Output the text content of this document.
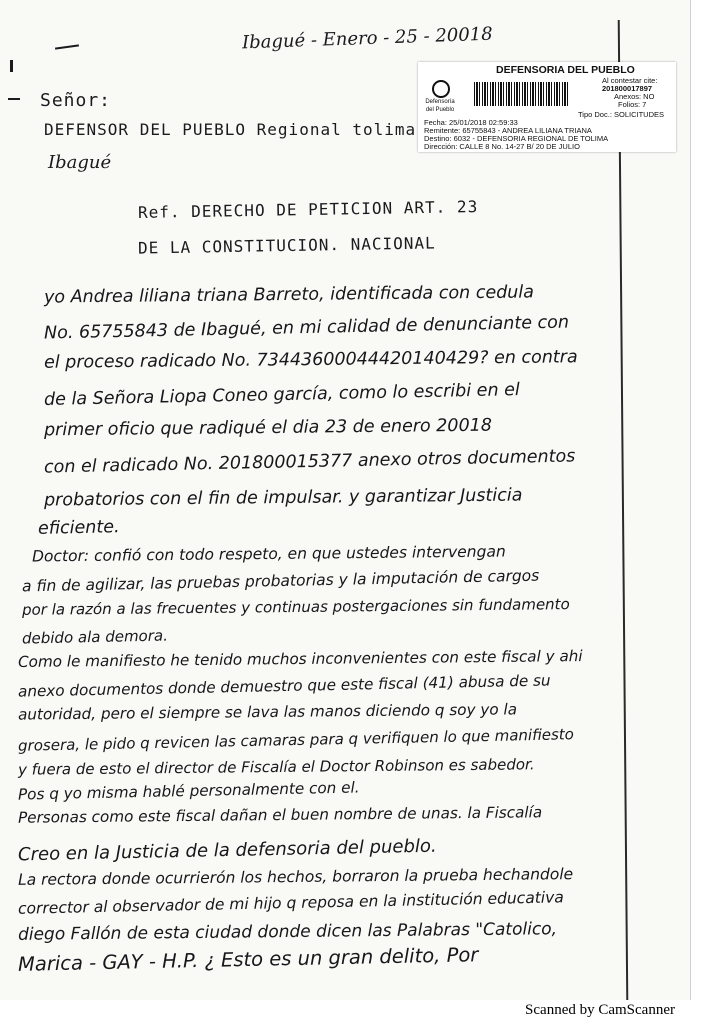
Ibagué - Enero - 25 - 20018
Señor:
DEFENSOR DEL PUEBLO Regional tolima
Ibagué
Defensoría del Pueblo
DEFENSORIA DEL PUEBLO
Al contestar cite:
201800017897
Anexos: NO
Folios: 7
Tipo Doc.: SOLICITUDES
Fecha: 25/01/2018 02:59:33
Remitente: 65755843 - ANDREA LILIANA TRIANA
Destino: 6032 - DEFENSORIA REGIONAL DE TOLIMA
Dirección: CALLE 8 No. 14-27 B/ 20 DE JULIO
Ref. DERECHO DE PETICION ART. 23
DE LA CONSTITUCION. NACIONAL
yo Andrea liliana triana Barreto, identificada con cedula
No. 65755843 de Ibagué, en mi calidad de denunciante con
el proceso radicado No. 73443600044420140429? en contra
de la Señora Liopa Coneo garcía, como lo escribi en el
primer oficio que radiqué el dia 23 de enero 20018
con el radicado No. 201800015377 anexo otros documentos
probatorios con el fin de impulsar. y garantizar Justicia
eficiente.
Doctor: confió con todo respeto, en que ustedes intervengan
a fin de agilizar, las pruebas probatorias y la imputación de cargos
por la razón a las frecuentes y continuas postergaciones sin fundamento
debido ala demora.
Como le manifiesto he tenido muchos inconvenientes con este fiscal y ahi
anexo documentos donde demuestro que este fiscal (41) abusa de su
autoridad, pero el siempre se lava las manos diciendo q soy yo la
grosera, le pido q revicen las camaras para q verifiquen lo que manifiesto
y fuera de esto el director de Fiscalía el Doctor Robinson es sabedor.
Pos q yo misma hablé personalmente con el.
Personas como este fiscal dañan el buen nombre de unas. la Fiscalía
Creo en la Justicia de la defensoria del pueblo.
La rectora donde ocurrierón los hechos, borraron la prueba hechandole
corrector al observador de mi hijo q reposa en la institución educativa
diego Fallón de esta ciudad donde dicen las Palabras "Catolico,
Marica - GAY - H.P. ¿ Esto es un gran delito, Por
Scanned by CamScanner
